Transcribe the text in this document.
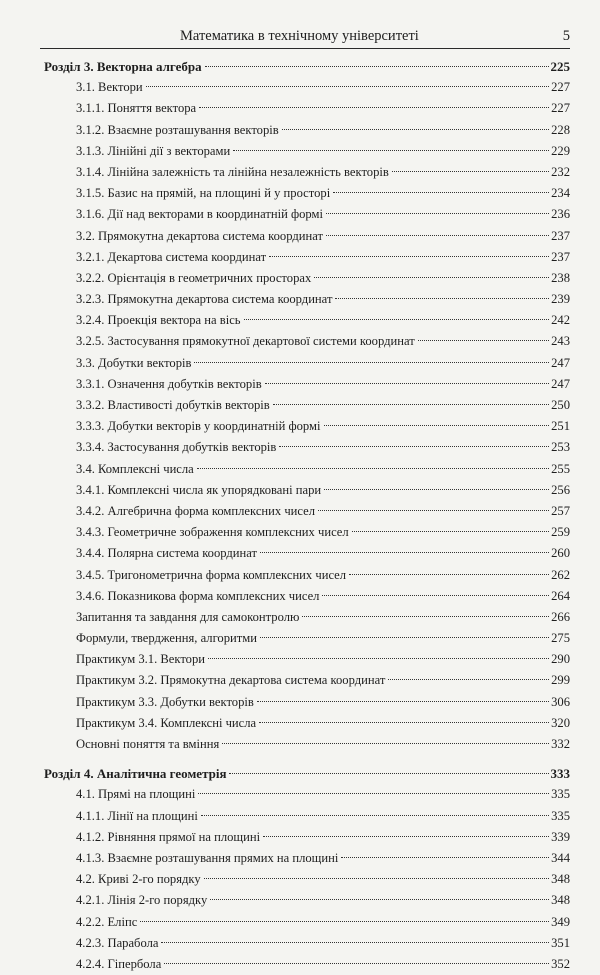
Математика в технічному університеті	5
Розділ 3. Векторна алгебра	225
3.1. Вектори	227
3.1.1. Поняття вектора	227
3.1.2. Взаємне розташування векторів	228
3.1.3. Лінійні дії з векторами	229
3.1.4. Лінійна залежність та лінійна незалежність векторів	232
3.1.5. Базис на прямій, на площині й у просторі	234
3.1.6. Дії над векторами в координатній формі	236
3.2. Прямокутна декартова система координат	237
3.2.1. Декартова система координат	237
3.2.2. Орієнтація в геометричних просторах	238
3.2.3. Прямокутна декартова система координат	239
3.2.4. Проекція вектора на вісь	242
3.2.5. Застосування прямокутної декартової системи координат	243
3.3. Добутки векторів	247
3.3.1. Означення добутків векторів	247
3.3.2. Властивості добутків векторів	250
3.3.3. Добутки векторів у координатній формі	251
3.3.4. Застосування добутків векторів	253
3.4. Комплексні числа	255
3.4.1. Комплексні числа як упорядковані пари	256
3.4.2. Алгебрична форма комплексних чисел	257
3.4.3. Геометричне зображення комплексних чисел	259
3.4.4. Полярна система координат	260
3.4.5. Тригонометрична форма комплексних чисел	262
3.4.6. Показникова форма комплексних чисел	264
Запитання та завдання для самоконтролю	266
Формули, твердження, алгоритми	275
Практикум 3.1. Вектори	290
Практикум 3.2. Прямокутна декартова система координат	299
Практикум 3.3. Добутки векторів	306
Практикум 3.4. Комплексні числа	320
Основні поняття та вміння	332
Розділ 4. Аналітична геометрія	333
4.1. Прямі на площині	335
4.1.1. Лінії на площині	335
4.1.2. Рівняння прямої на площині	339
4.1.3. Взаємне розташування прямих на площині	344
4.2. Криві 2-го порядку	348
4.2.1. Лінія 2-го порядку	348
4.2.2. Еліпс	349
4.2.3. Парабола	351
4.2.4. Гіпербола	352
